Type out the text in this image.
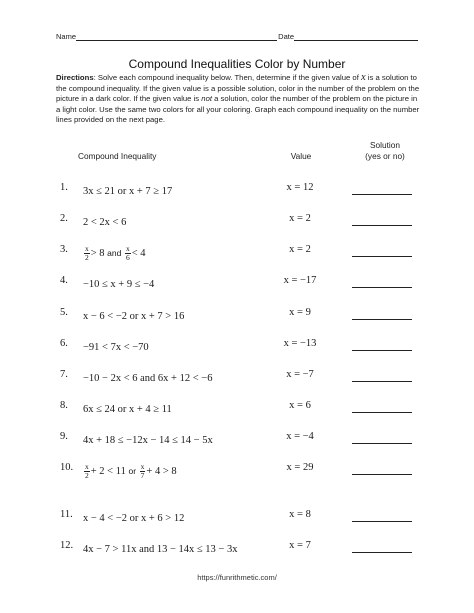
Name	Date
Compound Inequalities Color by Number

Directions: Solve each compound inequality below. Then, determine if the given value of x is a solution to the compound inequality. If the given value is a possible solution, color in the number of the problem on the picture in a dark color. If the given value is not a solution, color the number of the problem on the picture in a light color. Use the same two colors for all your coloring. Graph each compound inequality on the number lines provided on the next page.

Compound Inequality	Value
Solution
(yes or no)
1.	3x ≤ 21 or x + 7 ≥ 17	x = 12
2.	2 < 2x < 6	x = 2
3.	$\frac{x}{2} > 8$
and
$\frac{x}{6} < 4$	x = 2
4.	−10 ≤ x + 9 ≤ −4	x = −17
5.	x − 6 < −2 or x + 7 > 16	x = 9
6.	−91 < 7x < −70	x = −13
7.	−10 − 2x < 6 and 6x + 12 < −6	x = −7
8.	6x ≤ 24 or x + 4 ≥ 11	x = 6
9.	4x + 18 ≤ −12x − 14 ≤ 14 − 5x	x = −4
10.	$\frac{x}{2} + 2 < 11$
or
$\frac{x}{7} + 4 > 8$	x = 29
11. x − 4 < −2 or x + 6 > 12	x = 8
12. 4x − 7 > 11x and 13 − 14x ≤ 13 − 3x	x = 7
https://funrithmetic.com/
